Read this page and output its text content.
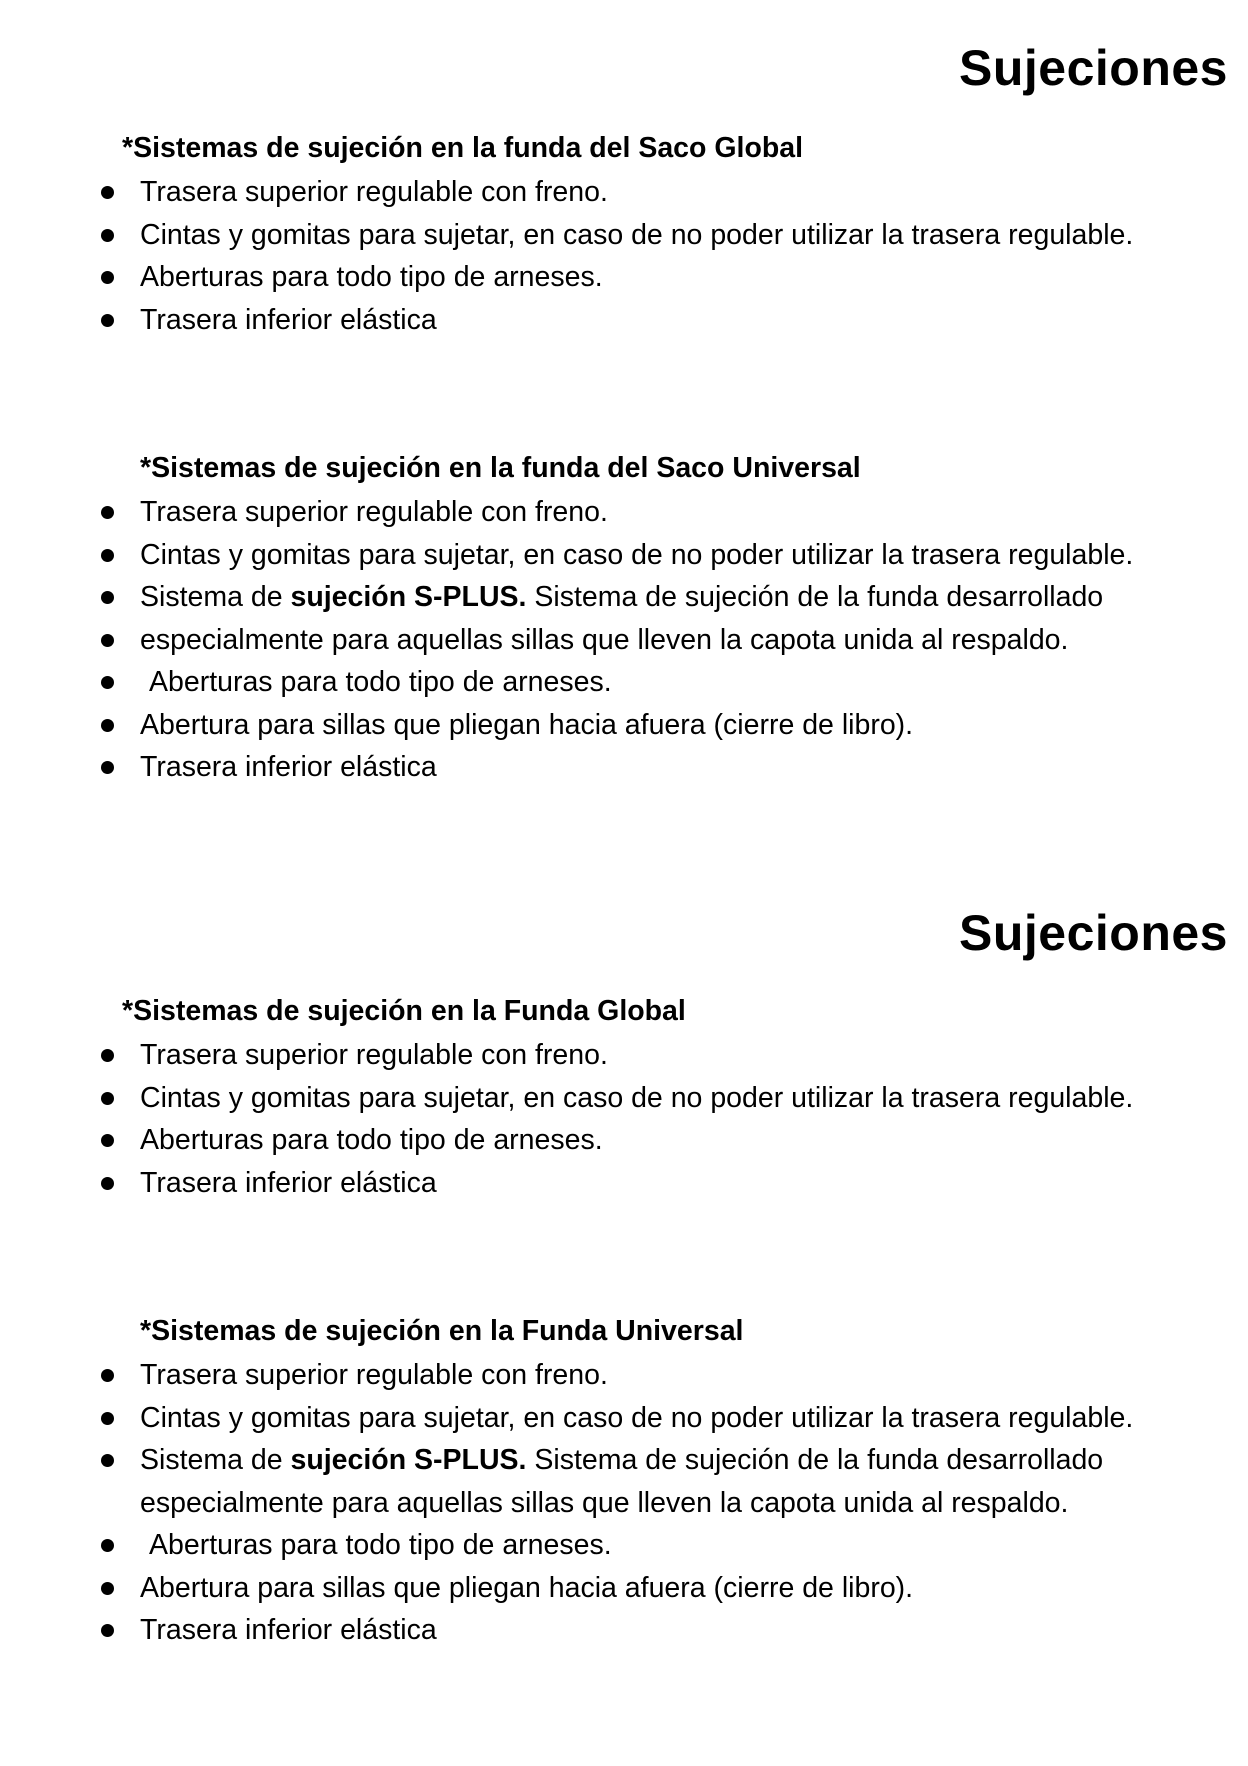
Sujeciones
*Sistemas de sujeción en la funda del Saco Global
Trasera superior regulable con freno.
Cintas y gomitas para sujetar, en caso de no poder utilizar la trasera regulable.
Aberturas para todo tipo de arneses.
Trasera inferior elástica
*Sistemas de sujeción en la funda del Saco Universal
Trasera superior regulable con freno.
Cintas y gomitas para sujetar, en caso de no poder utilizar la trasera regulable.
Sistema de sujeción S-PLUS. Sistema de sujeción de la funda desarrollado
especialmente para aquellas sillas que lleven la capota unida al respaldo.
Aberturas para todo tipo de arneses.
Abertura para sillas que pliegan hacia afuera (cierre de libro).
Trasera inferior elástica
Sujeciones
*Sistemas de sujeción en la Funda Global
Trasera superior regulable con freno.
Cintas y gomitas para sujetar, en caso de no poder utilizar la trasera regulable.
Aberturas para todo tipo de arneses.
Trasera inferior elástica
*Sistemas de sujeción en la Funda Universal
Trasera superior regulable con freno.
Cintas y gomitas para sujetar, en caso de no poder utilizar la trasera regulable.
Sistema de sujeción S-PLUS. Sistema de sujeción de la funda desarrollado especialmente para aquellas sillas que lleven la capota unida al respaldo.
Aberturas para todo tipo de arneses.
Abertura para sillas que pliegan hacia afuera (cierre de libro).
Trasera inferior elástica
